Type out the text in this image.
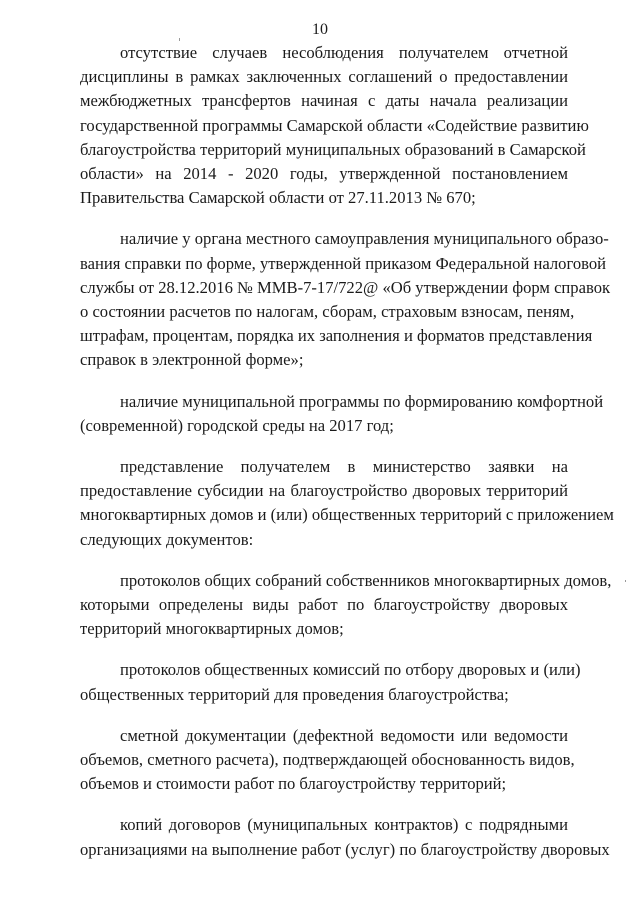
10
отсутствие случаев несоблюдения получателем отчетной
дисциплины в рамках заключенных соглашений о предоставлении
межбюджетных трансфертов начиная с даты начала реализации
государственной программы Самарской области «Содействие развитию
благоустройства территорий муниципальных образований в Самарской
области» на 2014 - 2020 годы, утвержденной постановлением
Правительства Самарской области от 27.11.2013 № 670;
наличие у органа местного самоуправления муниципального образо-
вания справки по форме, утвержденной приказом Федеральной налоговой
службы от 28.12.2016 № ММВ-7-17/722@ «Об утверждении форм справок
о состоянии расчетов по налогам, сборам, страховым взносам, пеням,
штрафам, процентам, порядка их заполнения и форматов представления
справок в электронной форме»;
наличие муниципальной программы по формированию комфортной
(современной) городской среды на 2017 год;
представление получателем в министерство заявки на
предоставление субсидии на благоустройство дворовых территорий
многоквартирных домов и (или) общественных территорий с приложением
следующих документов:
протоколов общих собраний собственников многоквартирных домов,
которыми определены виды работ по благоустройству дворовых
территорий многоквартирных домов;
протоколов общественных комиссий по отбору дворовых и (или)
общественных территорий для проведения благоустройства;
сметной документации (дефектной ведомости или ведомости
объемов, сметного расчета), подтверждающей обоснованность видов,
объемов и стоимости работ по благоустройству территорий;
копий договоров (муниципальных контрактов) с подрядными
организациями на выполнение работ (услуг) по благоустройству дворовых
